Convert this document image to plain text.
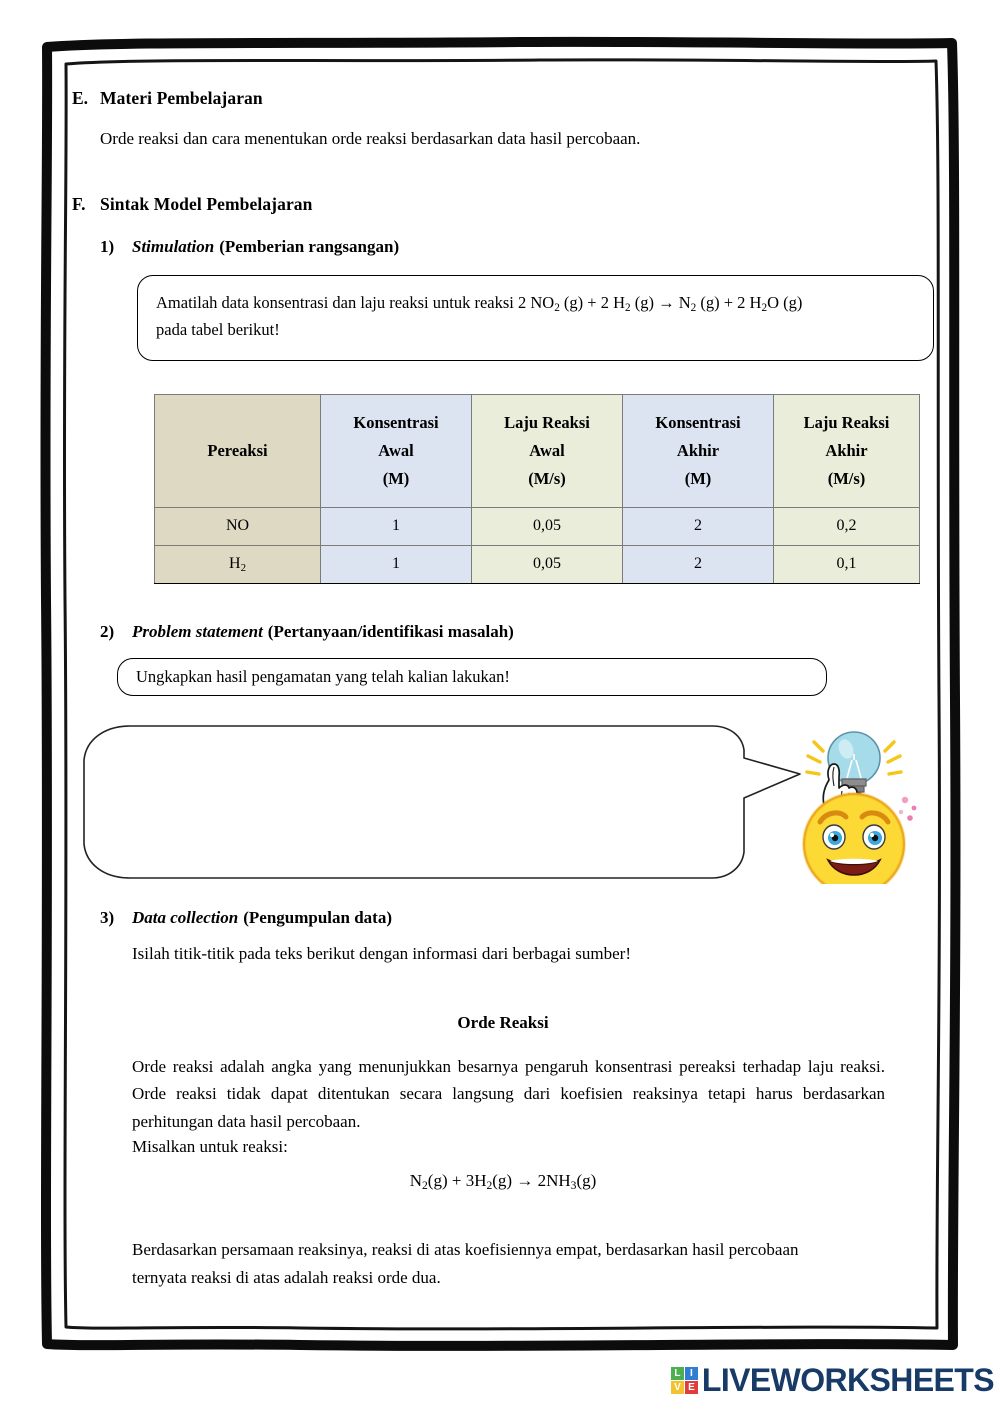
E. Materi Pembelajaran
Orde reaksi dan cara menentukan orde reaksi berdasarkan data hasil percobaan.
F. Sintak Model Pembelajaran
1)	Stimulation (Pemberian rangsangan)
Amatilah data konsentrasi dan laju reaksi untuk reaksi 2 $NO_2$ (g) + 2 $H_2$ $(g) \to N_2$ (g) + 2 $H_2O$ (g)
pada tabel berikut!
Pereaksi	Konsentrasi
Awal
(M)	Laju Reaksi
Awal
(M/s)	Konsentrasi
Akhir
(M)	Laju Reaksi
Akhir
(M/s)

NO	1	0,05	2	0,2
$H_2$	1	0,05	2	0,1
2)	Problem statement (Pertanyaan/identifikasi masalah)
Ungkapkan hasil pengamatan yang telah kalian lakukan!
3)	Data collection (Pengumpulan data)
Isilah titik-titik pada teks berikut dengan informasi dari berbagai sumber!
Orde Reaksi
Orde reaksi adalah angka yang menunjukkan besarnya pengaruh konsentrasi pereaksi terhadap laju reaksi. Orde reaksi tidak dapat ditentukan secara langsung dari koefisien reaksinya tetapi harus berdasarkan perhitungan data hasil percobaan.
Misalkan untuk reaksi:
$N_2(g) + 3H_2(g) \to 2NH_3(g)$
Berdasarkan persamaan reaksinya, reaksi di atas koefisiennya empat, berdasarkan hasil percobaan ternyata reaksi di atas adalah reaksi orde dua.
L I
V E LIVEWORKSHEETS
